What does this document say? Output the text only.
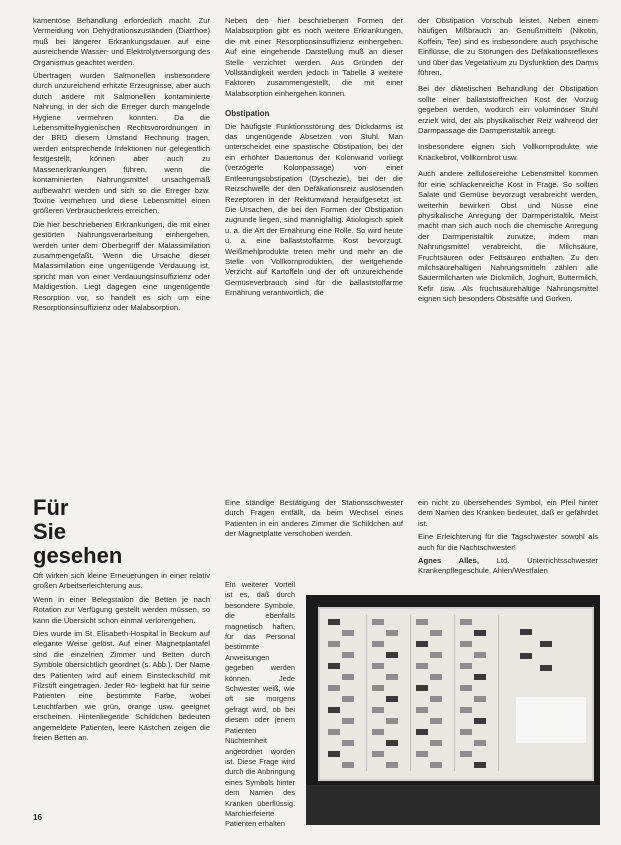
kamentöse Behandlung erforderlich macht. Zur Vermeidung von Dehydrationszuständen (Diarrhoe) muß bei längerer Erkrankungsdauer auf eine ausreichende Wasser- und Elektrolytversorgung des Organismus geachtet werden.

Übertragen wurden Salmonellen insbesondere durch unzureichend erhitzte Erzeugnisse, aber auch durch andere mit Salmonellen kontaminierte Nahrung, in der sich die Erreger durch mangelnde Hygiene vermehren konnten. Da die Lebensmittelhygienischen Rechtsvorordnungen in der BRD diesem Umstand Rechnung tragen, werden entsprechende Infektionen nur gelegentlich festgestellt, können aber auch zu Massenerkrankungen führen, wenn die kontaminierten Nahrungsmittel unsachgemäß aufbewahrt werden und sich so die Erreger bzw. Toxine vermehren und diese Lebensmittel einen größeren Verbraucherkreis erreichen.

Die hier beschriebenen Erkrankungen, die mit einer gestörten Nahrungsverarbeitung einhergehen, werden unter dem Oberbegriff der Malassimilation zusammengefaßt. Wenn die Ursache dieser Malassimilation eine ungenügende Verdauung ist, spricht man von einer Verdauungsinsuffizienz oder Maldigestion. Liegt dagegen eine ungenügende Resorption vor, so handelt es sich um eine Resorptionsinsuffizienz oder Malabsorption.

Neben den hier beschriebenen Formen der Malabsorption gibt es noch weitere Erkrankungen, die mit einer Resorptionsinsuffizienz einhergehen. Auf eine eingehende Darstellung muß an dieser Stelle verzichtet werden. Aus Gründen der Vollständigkeit werden jedoch in Tabelle 3 weitere Faktoren zusammengestellt, die mit einer Malabsorption einhergehen können.

Obstipation

Die häufigste Funktionsstörung des Dickdarms ist das ungenügende Absetzen von Stuhl. Man unterscheidet eine spastische Obstipation, bei der ein erhöhter Dauertonus der Kolonwand vorliegt (verzögerte Kolonpassage) von einer Entleerungsobstipation (Dyschezie), bei der die Reizschwelle der den Defäkationsreiz auslösenden Rezeptoren in der Rektumwand heraufgesetzt ist. Die Ursachen, die bei den Formen der Obstipation zugrunde liegen, sind mannigfaltig. Ätiologisch spielt u. a. die Art der Ernährung eine Rolle. So wird heute u. a. eine ballaststoffarme Kost bevorzugt. Weißmehlprodukte treten mehr und mehr an die Stelle von Vollkornprodukten, der weitgehende Verzicht auf Kartoffeln und der oft unzureichende Gemüseverbrauch sind für die ballaststoffarme Ernährung verantwortlich, die

der Obstipation Vorschub leistet. Neben einem häufigen Mißbrauch an Genußmitteln (Nikotin, Koffein, Tee) sind es insbesondere auch psychische Einflüsse, die zu Störungen des Defäkationsreflexes und über das Vegetativum zu Dysfunktion des Darms führen.

Bei der diätetischen Behandlung der Obstipation sollte einer ballaststoffreichen Kost der Vorzug gegeben werden, wodurch ein voluminöser Stuhl erzielt wird, der als physikalischer Reiz während der Darmpassage die Darmperistaltik anregt.

Insbesondere eignen sich Vollkornprodukte wie Knäckebrot, Vollkornbrot usw.

Auch andere zellulosereiche Lebensmittel kommen für eine schlackenreiche Kost in Frage. So sollten Salate und Gemüse bevorzugt verabreicht werden, weiterhin bewirken Obst und Nüsse eine physikalische Anregung der Darmperistaltik. Meist macht man sich auch noch die chemische Anregung der Darmperistaltik zunutze, indem man Nahrungsmittel verabreicht, die Milchsäure, Fruchtsäuren oder Fettsäuren enthalten. Zu den milchsäurehaltigen Nahrungsmitteln zählen alle Sauermilcharten wie Dickmilch, Joghurt, Buttermilch, Kefir usw. Als fruchtsäurehaltige Nahrungsmittel eignen sich besonders Obstsäfte und Gurken.

Für
Sie
gesehen

Oft wirken sich kleine Erneuerungen in einer relativ großen Arbeitserleichterung aus.

Wenn in einer Belegstation die Betten je nach Rotation zur Verfügung gestellt werden müssen, so kann die Übersicht schon einmal verlorengehen.

Dies wurde im St. Elisabeth-Hospital in Beckum auf elegante Weise gelöst. Auf einer Magnetplantafel sind die einzelnen Zimmer und Betten durch Symbole übersichtlich geordnet (s. Abb.). Der Name des Patienten wird auf einem Einsteckschild mit Filzstift eingetragen. Jeder Rö- legbekt hat für seine Patienten eine bestimmte Farbe, wobei Leuchtfarben wie grün, orange usw. geeignet erscheinen. Hintenliegende Schildchen bedeuten angemeldete Patienten, leere Kästchen zeigen die freien Betten an.

Eine ständige Bestätigung der Stationsschwester durch Fragen entfällt, da beim Wechsel eines Patienten in ein anderes Zimmer die Schildchen auf der Magnetplatte verschoben werden.

Ein weiterer Vorteil ist es, daß durch besondere Symbole, die ebenfalls magnetisch haften, für das Personal bestimmte Anweisungen gegeben werden können. Jede Schwester weiß, wie oft sie morgens gefragt wird, ob bei diesem oder jenem Patienten Nüchternheit angeordnet worden ist. Diese Frage wird durch die Anbringung eines Symbols hinter dem Namen des Kranken überflüssig. Marchierfeierte Patienten erhalten

ein nicht zu übersehendes Symbol, ein Pfeil hinter dem Namen des Kranken bedeutet, daß er gefährdet ist.

Eine Erleichterung für die Tagschwester sowohl als auch für die Nachtschwester!

Agnes Alles, Ltd. Unterrichtsschwester Krankenpflegeschule, Ahlen/Westfalen

16
